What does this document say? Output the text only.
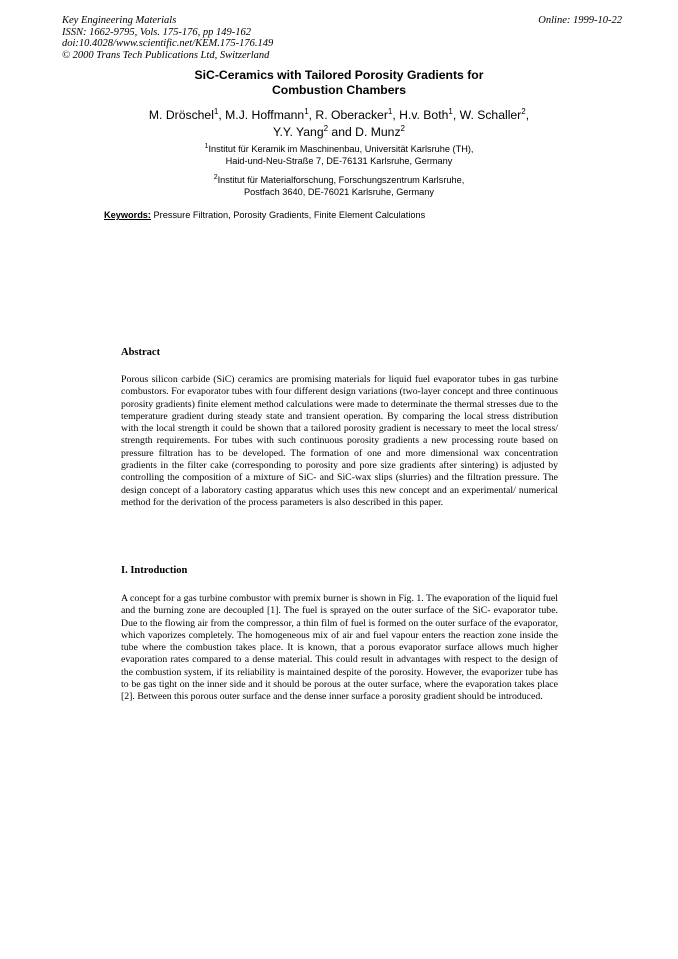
Key Engineering Materials
ISSN: 1662-9795, Vols. 175-176, pp 149-162
doi:10.4028/www.scientific.net/KEM.175-176.149
© 2000 Trans Tech Publications Ltd, Switzerland
Online: 1999-10-22
SiC-Ceramics with Tailored Porosity Gradients for
Combustion Chambers
M. Dröschel$^1$, M.J. Hoffmann$^1$, R. Oberacker$^1$, H.v. Both$^1$, W. Schaller$^2$,
Y.Y. Yang$^2$ and D. Munz$^2$
$^1$Institut für Keramik im Maschinenbau, Universität Karlsruhe (TH),
Haid-und-Neu-Straße 7, DE-76131 Karlsruhe, Germany
$^2$Institut für Materialforschung, Forschungszentrum Karlsruhe,
Postfach 3640, DE-76021 Karlsruhe, Germany
Keywords: Pressure Filtration, Porosity Gradients, Finite Element Calculations
Abstract
Porous silicon carbide (SiC) ceramics are promising materials for liquid fuel evaporator tubes in gas turbine combustors. For evaporator tubes with four different design variations (two-layer concept and three continuous porosity gradients) finite element method calculations were made to determinate the thermal stresses due to the temperature gradient during steady state and transient operation. By comparing the local stress distribution with the local strength it could be shown that a tailored porosity gradient is necessary to meet the local stress/ strength requirements. For tubes with such continuous porosity gradients a new processing route based on pressure filtration has to be developed. The formation of one and more dimensional wax concentration gradients in the filter cake (corresponding to porosity and pore size gradients after sintering) is adjusted by controlling the composition of a mixture of SiC- and SiC-wax slips (slurries) and the filtration pressure. The design concept of a laboratory casting apparatus which uses this new concept and an experimental/ numerical method for the derivation of the process parameters is also described in this paper.
I. Introduction
A concept for a gas turbine combustor with premix burner is shown in Fig. 1. The evaporation of the liquid fuel and the burning zone are decoupled [1]. The fuel is sprayed on the outer surface of the SiC- evaporator tube. Due to the flowing air from the compressor, a thin film of fuel is formed on the outer surface of the evaporator, which vaporizes completely. The homogeneous mix of air and fuel vapour enters the reaction zone inside the tube where the combustion takes place. It is known, that a porous evaporator surface allows much higher evaporation rates compared to a dense material. This could result in advantages with respect to the design of the combustion system, if its reliability is maintained despite of the porosity. However, the evaporizer tube has to be gas tight on the inner side and it should be porous at the outer surface, where the evaporation takes place [2]. Between this porous outer surface and the dense inner surface a porosity gradient should be introduced.
